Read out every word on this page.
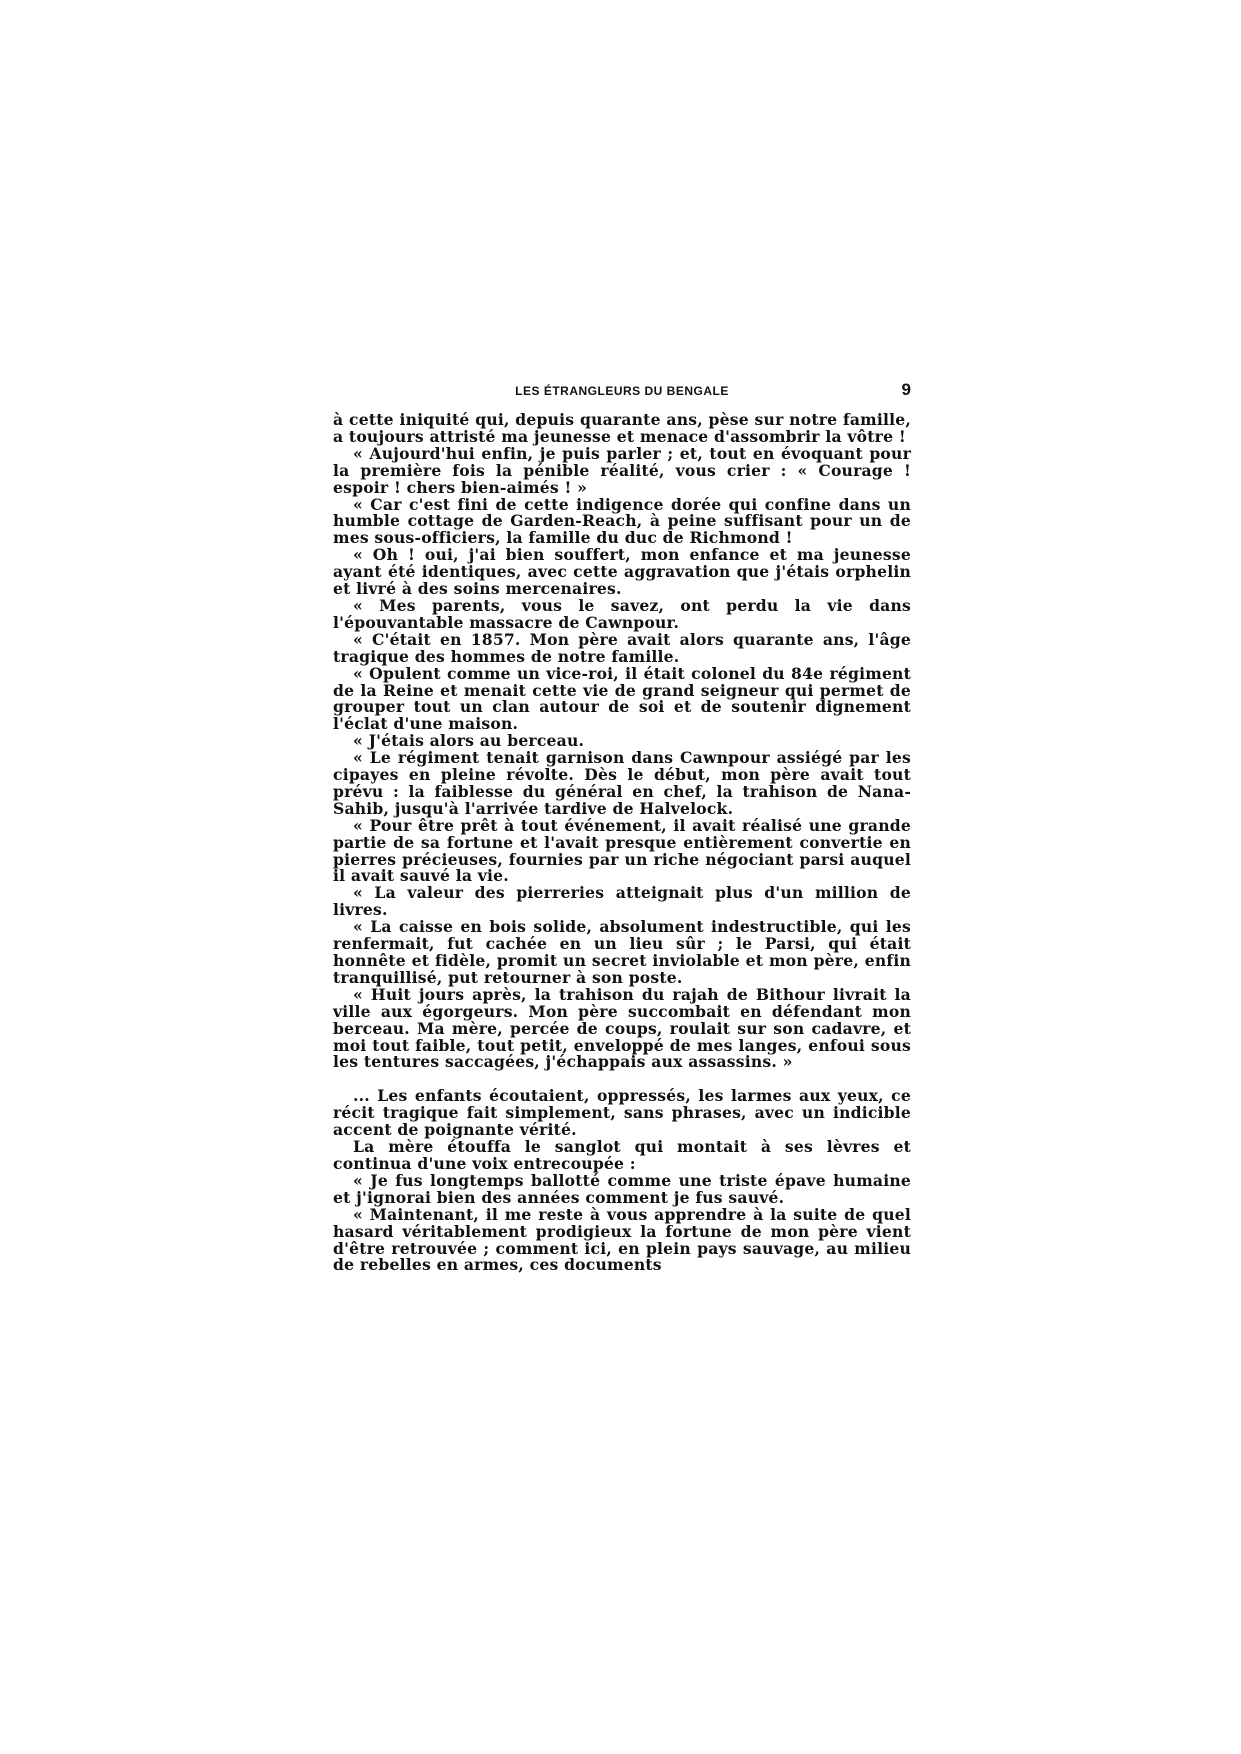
LES ÉTRANGLEURS DU BENGALE	9

à cette iniquité qui, depuis quarante ans, pèse sur notre famille, a toujours attristé ma jeunesse et menace d'assombrir la vôtre !

« Aujourd'hui enfin, je puis parler ; et, tout en évoquant pour la première fois la pénible réalité, vous crier : « Courage ! espoir ! chers bien-aimés ! »

« Car c'est fini de cette indigence dorée qui confine dans un humble cottage de Garden-Reach, à peine suffisant pour un de mes sous-officiers, la famille du duc de Richmond !

« Oh ! oui, j'ai bien souffert, mon enfance et ma jeunesse ayant été identiques, avec cette aggravation que j'étais orphelin et livré à des soins mercenaires.

« Mes parents, vous le savez, ont perdu la vie dans l'épouvantable massacre de Cawnpour.

« C'était en 1857. Mon père avait alors quarante ans, l'âge tragique des hommes de notre famille.

« Opulent comme un vice-roi, il était colonel du 84e régiment de la Reine et menait cette vie de grand seigneur qui permet de grouper tout un clan autour de soi et de soutenir dignement l'éclat d'une maison.

« J'étais alors au berceau.

« Le régiment tenait garnison dans Cawnpour assiégé par les cipayes en pleine révolte. Dès le début, mon père avait tout prévu : la faiblesse du général en chef, la trahison de Nana-Sahib, jusqu'à l'arrivée tardive de Halvelock.

« Pour être prêt à tout événement, il avait réalisé une grande partie de sa fortune et l'avait presque entièrement convertie en pierres précieuses, fournies par un riche négociant parsi auquel il avait sauvé la vie.

« La valeur des pierreries atteignait plus d'un million de livres.

« La caisse en bois solide, absolument indestructible, qui les renfermait, fut cachée en un lieu sûr ; le Parsi, qui était honnête et fidèle, promit un secret inviolable et mon père, enfin tranquillisé, put retourner à son poste.

« Huit jours après, la trahison du rajah de Bithour livrait la ville aux égorgeurs. Mon père succombait en défendant mon berceau. Ma mère, percée de coups, roulait sur son cadavre, et moi tout faible, tout petit, enveloppé de mes langes, enfoui sous les tentures saccagées, j'échappais aux assassins. »

... Les enfants écoutaient, oppressés, les larmes aux yeux, ce récit tragique fait simplement, sans phrases, avec un indicible accent de poignante vérité.

La mère étouffa le sanglot qui montait à ses lèvres et continua d'une voix entrecoupée :

« Je fus longtemps ballotté comme une triste épave humaine et j'ignorai bien des années comment je fus sauvé.

« Maintenant, il me reste à vous apprendre à la suite de quel hasard véritablement prodigieux la fortune de mon père vient d'être retrouvée ; comment ici, en plein pays sauvage, au milieu de rebelles en armes, ces documents
